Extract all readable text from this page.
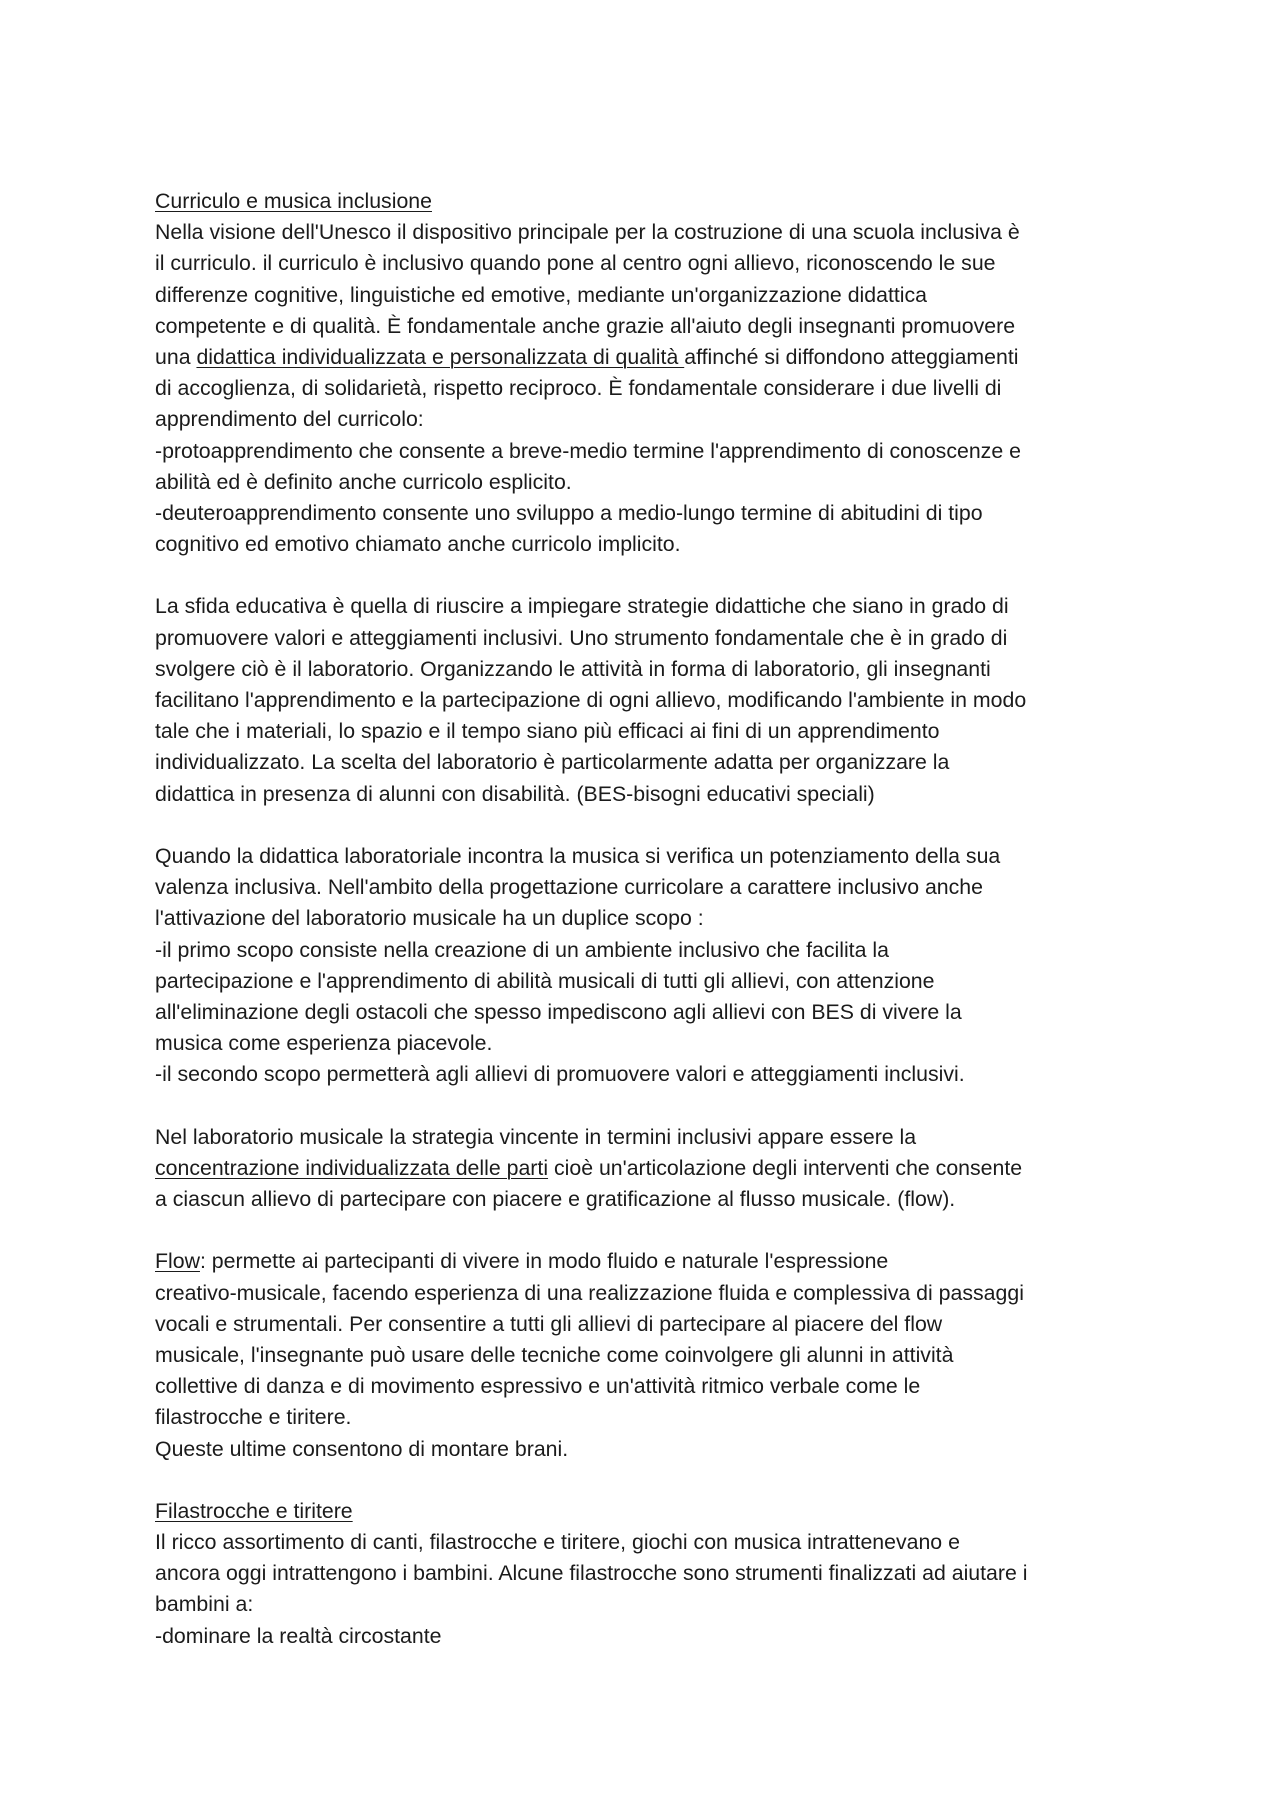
Curriculo e musica inclusione
Nella visione dell'Unesco il dispositivo principale per la costruzione di una scuola inclusiva è
il curriculo. il curriculo è inclusivo quando pone al centro ogni allievo, riconoscendo le sue
differenze cognitive, linguistiche ed emotive, mediante un'organizzazione didattica
competente e di qualità. È fondamentale anche grazie all'aiuto degli insegnanti promuovere
una didattica individualizzata e personalizzata di qualità affinché si diffondono atteggiamenti
di accoglienza, di solidarietà, rispetto reciproco. È fondamentale considerare i due livelli di
apprendimento del curricolo:
-protoapprendimento che consente a breve-medio termine l'apprendimento di conoscenze e
abilità ed è definito anche curricolo esplicito.
-deuteroapprendimento consente uno sviluppo a medio-lungo termine di abitudini di tipo
cognitivo ed emotivo chiamato anche curricolo implicito.
La sfida educativa è quella di riuscire a impiegare strategie didattiche che siano in grado di
promuovere valori e atteggiamenti inclusivi. Uno strumento fondamentale che è in grado di
svolgere ciò è il laboratorio. Organizzando le attività in forma di laboratorio, gli insegnanti
facilitano l'apprendimento e la partecipazione di ogni allievo, modificando l'ambiente in modo
tale che i materiali, lo spazio e il tempo siano più efficaci ai fini di un apprendimento
individualizzato. La scelta del laboratorio è particolarmente adatta per organizzare la
didattica in presenza di alunni con disabilità. (BES-bisogni educativi speciali)
Quando la didattica laboratoriale incontra la musica si verifica un potenziamento della sua
valenza inclusiva. Nell'ambito della progettazione curricolare a carattere inclusivo anche
l'attivazione del laboratorio musicale ha un duplice scopo :
-il primo scopo consiste nella creazione di un ambiente inclusivo che facilita la
partecipazione e l'apprendimento di abilità musicali di tutti gli allievi, con attenzione
all'eliminazione degli ostacoli che spesso impediscono agli allievi con BES di vivere la
musica come esperienza piacevole.
-il secondo scopo permetterà agli allievi di promuovere valori e atteggiamenti inclusivi.
Nel laboratorio musicale la strategia vincente in termini inclusivi appare essere la
concentrazione individualizzata delle parti cioè un'articolazione degli interventi che consente
a ciascun allievo di partecipare con piacere e gratificazione al flusso musicale. (flow).
Flow: permette ai partecipanti di vivere in modo fluido e naturale l'espressione
creativo-musicale, facendo esperienza di una realizzazione fluida e complessiva di passaggi
vocali e strumentali. Per consentire a tutti gli allievi di partecipare al piacere del flow
musicale, l'insegnante può usare delle tecniche come coinvolgere gli alunni in attività
collettive di danza e di movimento espressivo e un'attività ritmico verbale come le
filastrocche e tiritere.
Queste ultime consentono di montare brani.
Filastrocche e tiritere
Il ricco assortimento di canti, filastrocche e tiritere, giochi con musica intrattenevano e
ancora oggi intrattengono i bambini. Alcune filastrocche sono strumenti finalizzati ad aiutare i
bambini a:
-dominare la realtà circostante
